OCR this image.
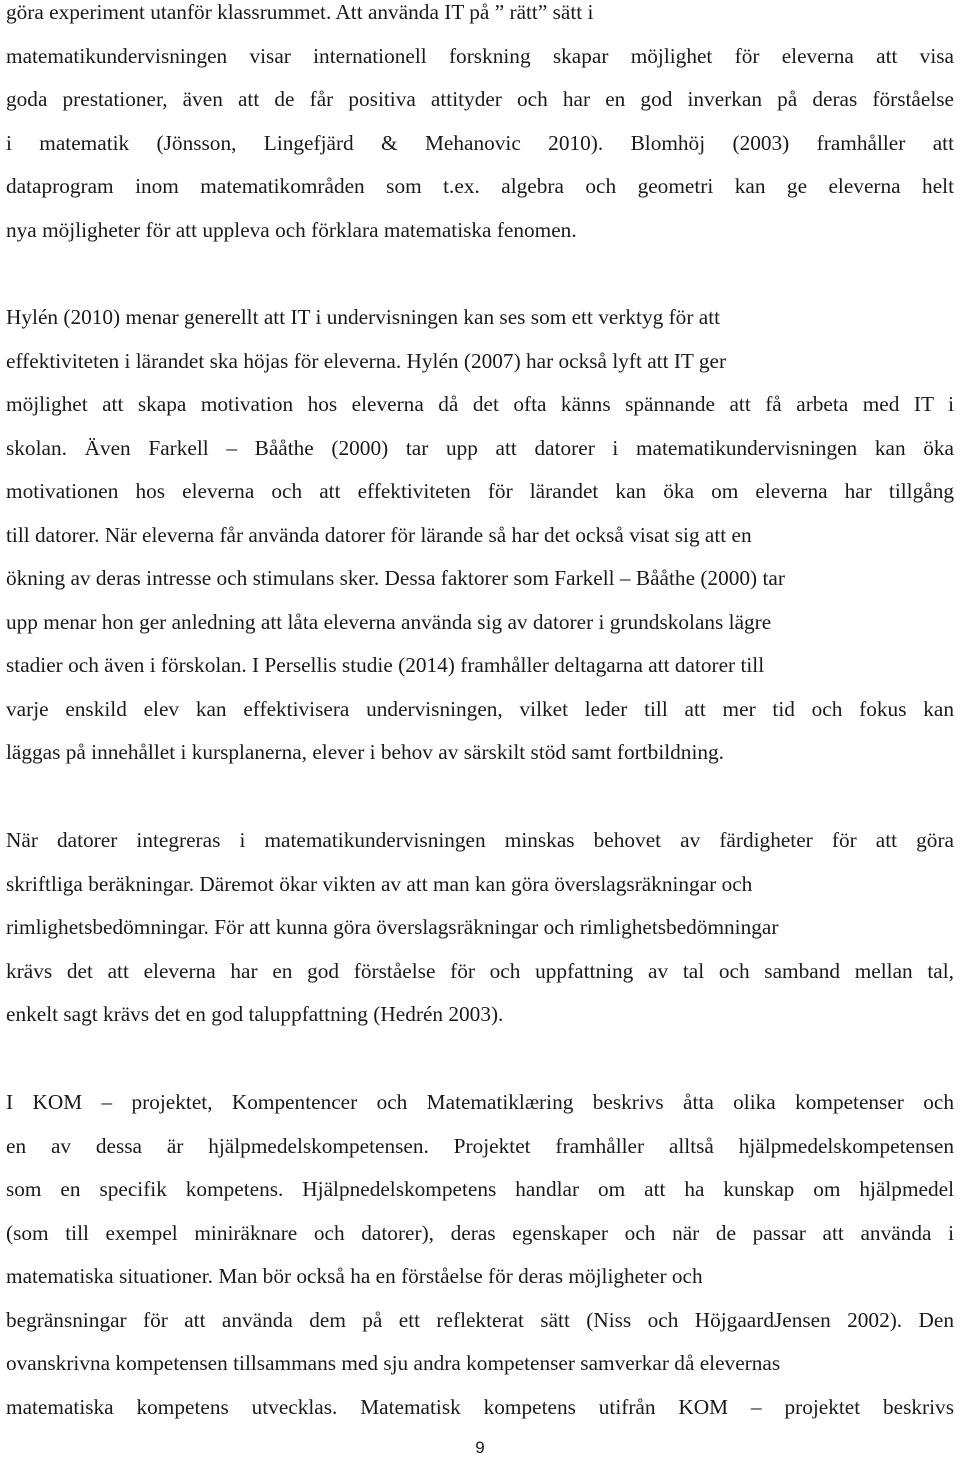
göra experiment utanför klassrummet. Att använda IT på ” rätt” sätt i
matematikundervisningen visar internationell forskning skapar möjlighet för eleverna att visa
goda prestationer, även att de får positiva attityder och har en god inverkan på deras förståelse
i matematik (Jönsson, Lingefjärd & Mehanovic 2010). Blomhöj (2003) framhåller att
dataprogram inom matematikområden som t.ex. algebra och geometri kan ge eleverna helt
nya möjligheter för att uppleva och förklara matematiska fenomen.
Hylén (2010) menar generellt att IT i undervisningen kan ses som ett verktyg för att
effektiviteten i lärandet ska höjas för eleverna. Hylén (2007) har också lyft att IT ger
möjlighet att skapa motivation hos eleverna då det ofta känns spännande att få arbeta med IT i
skolan. Även Farkell – Bååthe (2000) tar upp att datorer i matematikundervisningen kan öka
motivationen hos eleverna och att effektiviteten för lärandet kan öka om eleverna har tillgång
till datorer. När eleverna får använda datorer för lärande så har det också visat sig att en
ökning av deras intresse och stimulans sker. Dessa faktorer som Farkell – Bååthe (2000) tar
upp menar hon ger anledning att låta eleverna använda sig av datorer i grundskolans lägre
stadier och även i förskolan. I Persellis studie (2014) framhåller deltagarna att datorer till
varje enskild elev kan effektivisera undervisningen, vilket leder till att mer tid och fokus kan
läggas på innehållet i kursplanerna, elever i behov av särskilt stöd samt fortbildning.
När datorer integreras i matematikundervisningen minskas behovet av färdigheter för att göra
skriftliga beräkningar. Däremot ökar vikten av att man kan göra överslagsräkningar och
rimlighetsbedömningar. För att kunna göra överslagsräkningar och rimlighetsbedömningar
krävs det att eleverna har en god förståelse för och uppfattning av tal och samband mellan tal,
enkelt sagt krävs det en god taluppfattning (Hedrén 2003).
I KOM – projektet, Kompentencer och Matematiklæring beskrivs åtta olika kompetenser och
en av dessa är hjälpmedelskompetensen. Projektet framhåller alltså hjälpmedelskompetensen
som en specifik kompetens. Hjälpnedelskompetens handlar om att ha kunskap om hjälpmedel
(som till exempel miniräknare och datorer), deras egenskaper och när de passar att använda i
matematiska situationer. Man bör också ha en förståelse för deras möjligheter och
begränsningar för att använda dem på ett reflekterat sätt (Niss och HöjgaardJensen 2002). Den
ovanskrivna kompetensen tillsammans med sju andra kompetenser samverkar då elevernas
matematiska kompetens utvecklas. Matematisk kompetens utifrån KOM – projektet beskrivs
9
